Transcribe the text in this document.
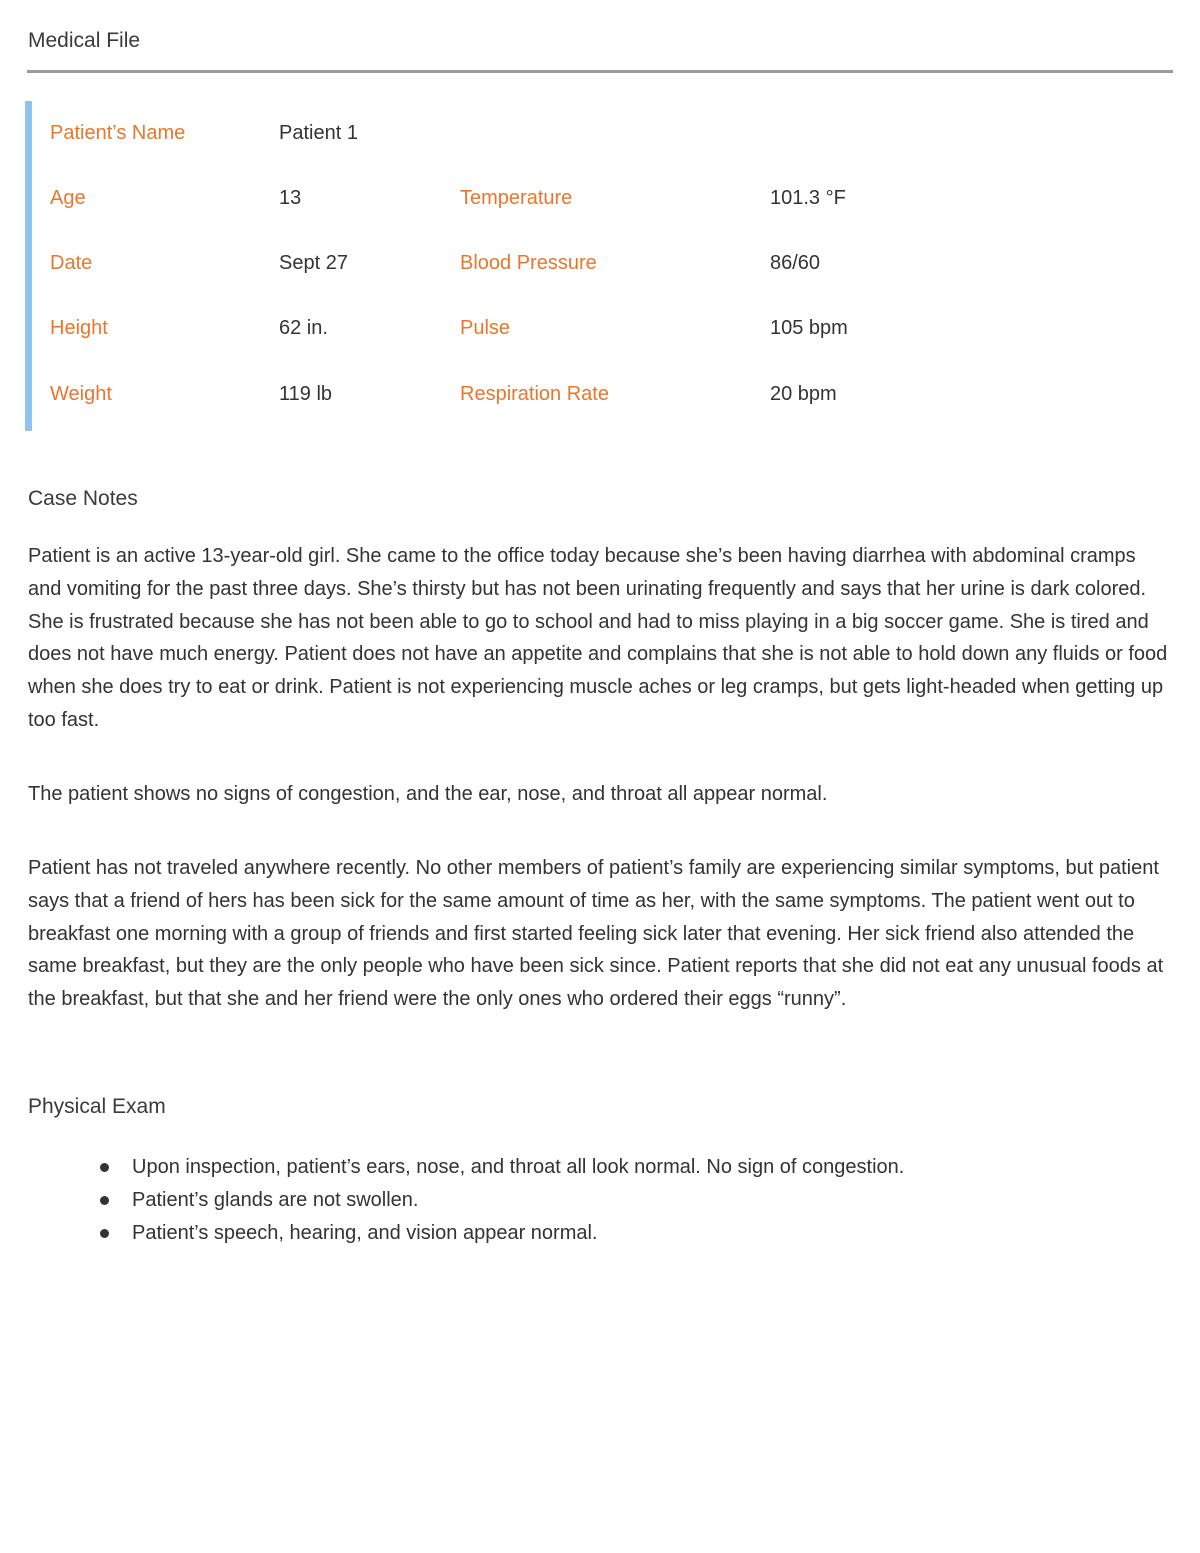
Medical File
Patient’s Name	Patient 1
Age	13	Temperature	101.3 °F
Date	Sept 27	Blood Pressure	86/60
Height	62 in.	Pulse	105 bpm
Weight	119 lb	Respiration Rate	20 bpm
Case Notes
Patient is an active 13-year-old girl. She came to the office today because she’s been having diarrhea with abdominal cramps and vomiting for the past three days. She’s thirsty but has not been urinating frequently and says that her urine is dark colored. She is frustrated because she has not been able to go to school and had to miss playing in a big soccer game. She is tired and does not have much energy. Patient does not have an appetite and complains that she is not able to hold down any fluids or food when she does try to eat or drink. Patient is not experiencing muscle aches or leg cramps, but gets light-headed when getting up too fast.
The patient shows no signs of congestion, and the ear, nose, and throat all appear normal.
Patient has not traveled anywhere recently. No other members of patient’s family are experiencing similar symptoms, but patient says that a friend of hers has been sick for the same amount of time as her, with the same symptoms. The patient went out to breakfast one morning with a group of friends and first started feeling sick later that evening. Her sick friend also attended the same breakfast, but they are the only people who have been sick since. Patient reports that she did not eat any unusual foods at the breakfast, but that she and her friend were the only ones who ordered their eggs “runny”.
Physical Exam
Upon inspection, patient’s ears, nose, and throat all look normal. No sign of congestion.
Patient’s glands are not swollen.
Patient’s speech, hearing, and vision appear normal.
